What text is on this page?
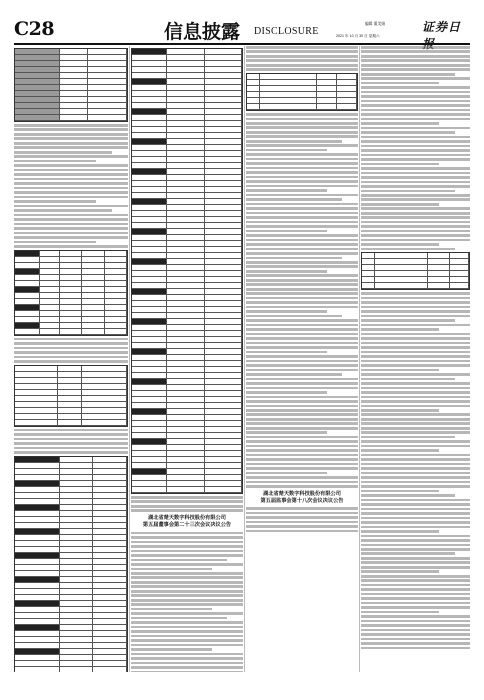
C28	信息披露 DISCLOSURE
编辑 董美娟	证券日
2021 年 10 月 30 日 星期六
湖北省楚天数字科技股份有限公司
第五届董事会第二十三次会议决议公告
湖北省楚天数字科技股份有限公司
第五届监事会第十八次会议决议公告
